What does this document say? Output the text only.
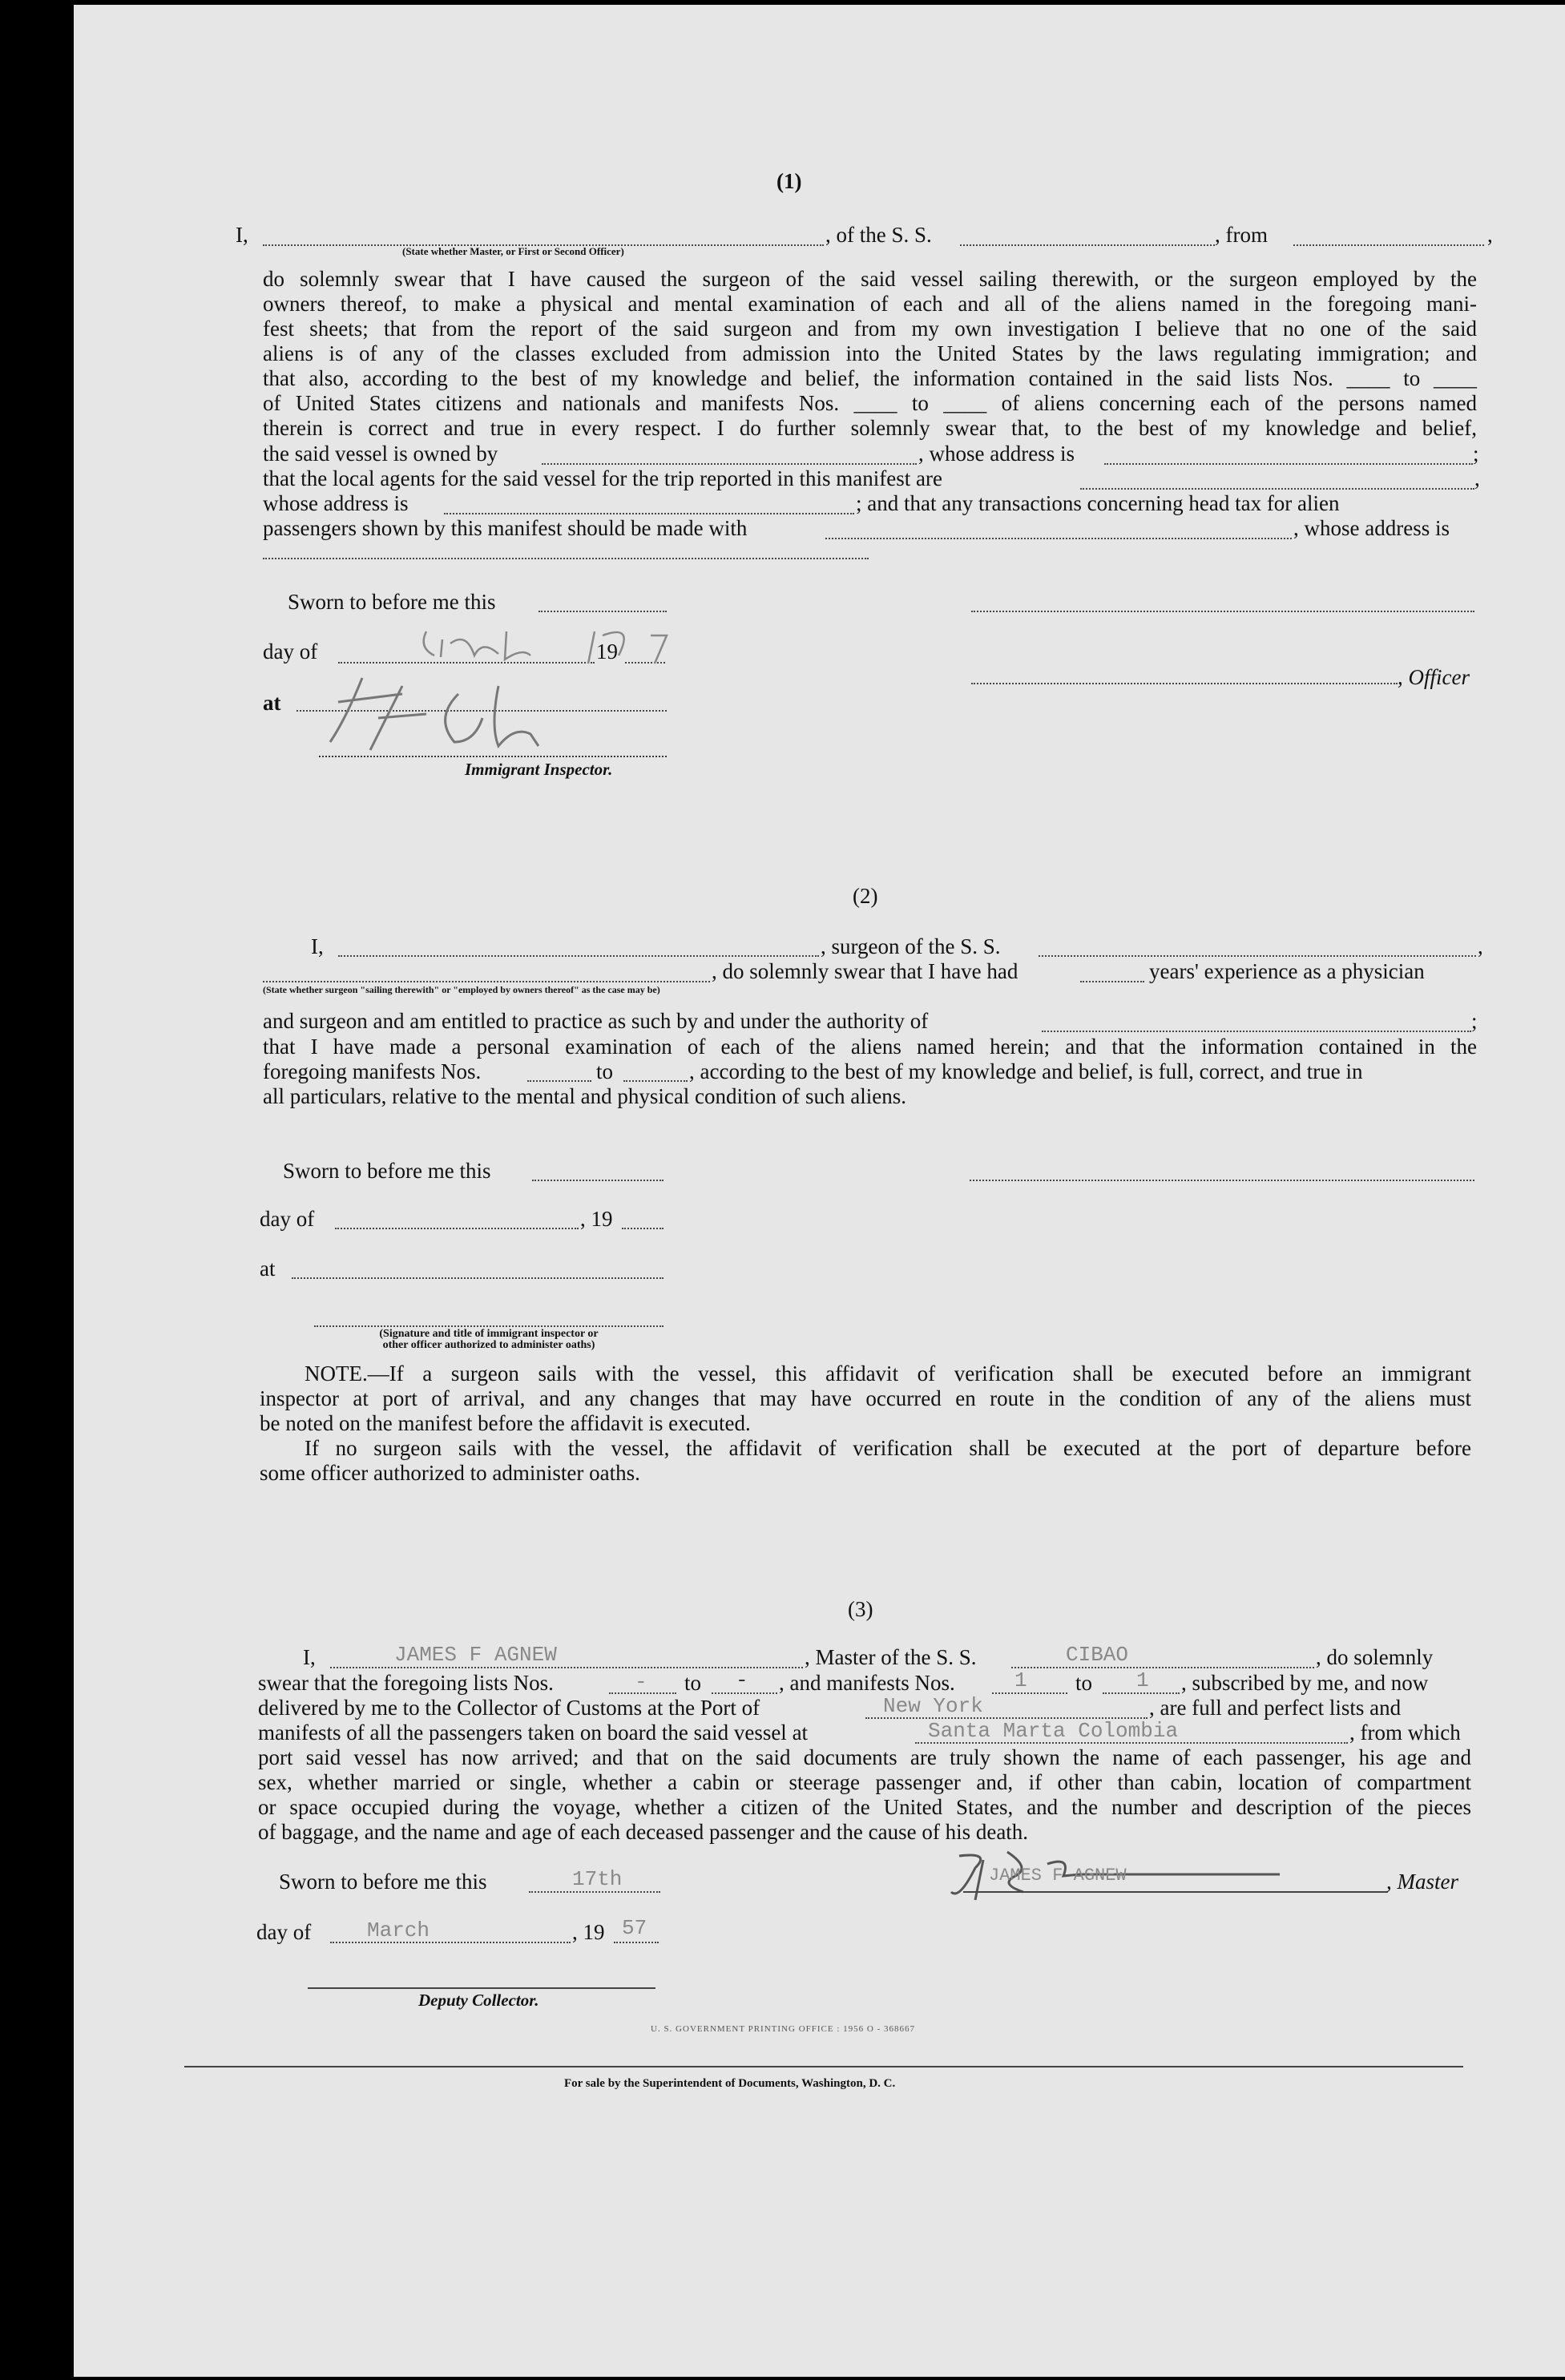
(1)
I,	, of the S. S.	, from	,
(State whether Master, or First or Second Officer)
do solemnly swear that I have caused the surgeon of the said vessel sailing therewith, or the surgeon employed by the
owners thereof, to make a physical and mental examination of each and all of the aliens named in the foregoing mani-
fest sheets; that from the report of the said surgeon and from my own investigation I believe that no one of the said
aliens is of any of the classes excluded from admission into the United States by the laws regulating immigration; and
that also, according to the best of my knowledge and belief, the information contained in the said lists Nos. ____ to ____
of United States citizens and nationals and manifests Nos. ____ to ____ of aliens concerning each of the persons named
therein is correct and true in every respect. I do further solemnly swear that, to the best of my knowledge and belief,
the said vessel is owned by	, whose address is	;
that the local agents for the said vessel for the trip reported in this manifest are	,
whose address is	; and that any transactions concerning head tax for alien
passengers shown by this manifest should be made with	, whose address is
Sworn to before me this
day of	19
at
, Officer
Immigrant Inspector.
(2)
I,	, surgeon of the S. S.	,
, do solemnly swear that I have had	years' experience as a physician
(State whether surgeon "sailing therewith" or "employed by owners thereof" as the case may be)
and surgeon and am entitled to practice as such by and under the authority of	;
that I have made a personal examination of each of the aliens named herein; and that the information contained in the
foregoing manifests Nos.	to	, according to the best of my knowledge and belief, is full, correct, and true in
all particulars, relative to the mental and physical condition of such aliens.
Sworn to before me this
day of	, 19
at
(Signature and title of immigrant inspector or
other officer authorized to administer oaths)
NOTE.—If a surgeon sails with the vessel, this affidavit of verification shall be executed before an immigrant
inspector at port of arrival, and any changes that may have occurred en route in the condition of any of the aliens must
be noted on the manifest before the affidavit is executed.
If no surgeon sails with the vessel, the affidavit of verification shall be executed at the port of departure before
some officer authorized to administer oaths.
(3)
I,	JAMES F AGNEW	, Master of the S. S.	CIBAO	, do solemnly
swear that the foregoing lists Nos.	- to - , and manifests Nos.	1 to 1 , subscribed by me, and now
delivered by me to the Collector of Customs at the Port of	New York	, are full and perfect lists and
manifests of all the passengers taken on board the said vessel at	Santa Marta Colombia	, from which
port said vessel has now arrived; and that on the said documents are truly shown the name of each passenger, his age and
sex, whether married or single, whether a cabin or steerage passenger and, if other than cabin, location of compartment
or space occupied during the voyage, whether a citizen of the United States, and the number and description of the pieces
of baggage, and the name and age of each deceased passenger and the cause of his death.
Sworn to before me this	17th	JAMES F AGNEW	, Master
day of	March	, 19 57
Deputy Collector.
U. S. GOVERNMENT PRINTING OFFICE : 1956 O - 368667
For sale by the Superintendent of Documents, Washington, D. C.
